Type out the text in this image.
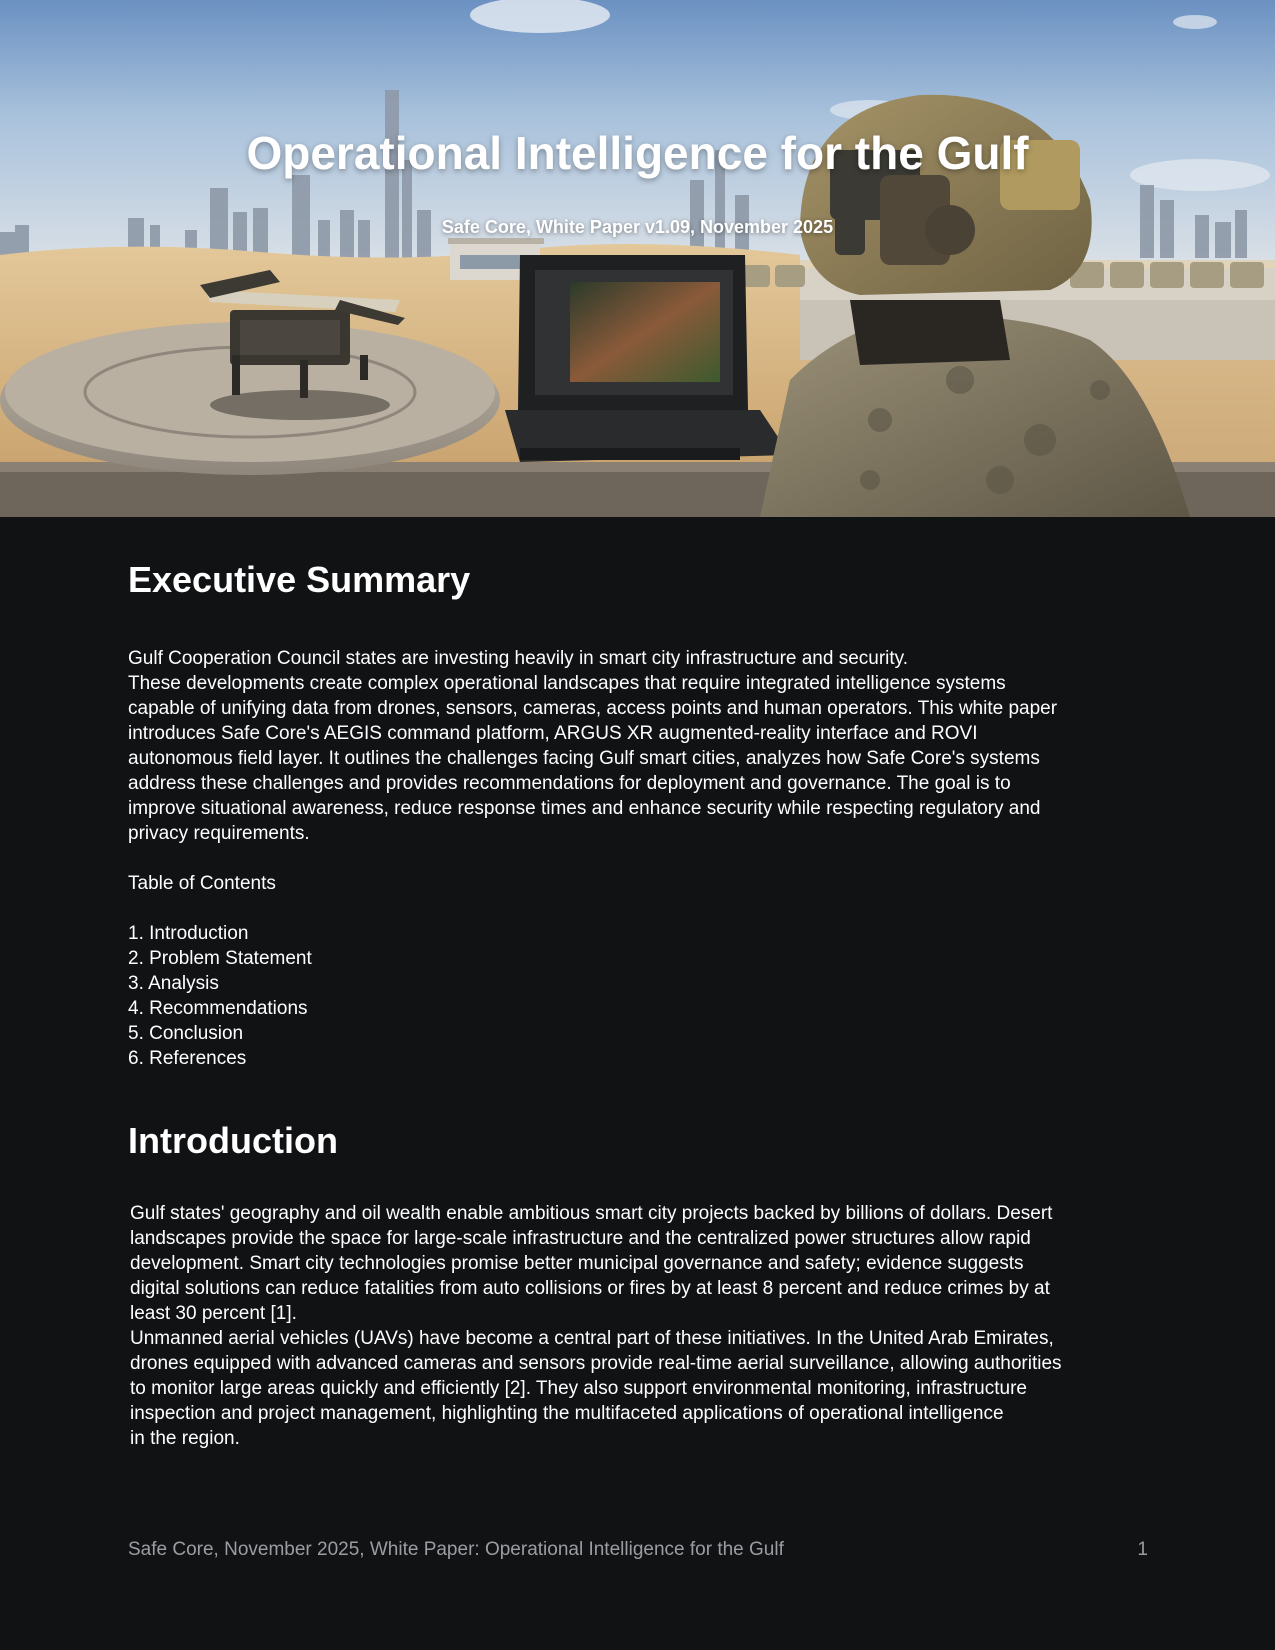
Operational Intelligence for the Gulf
Safe Core, White Paper v1.09, November 2025
Executive Summary

Gulf Cooperation Council states are investing heavily in smart city infrastructure and security.

These developments create complex operational landscapes that require integrated intelligence systems

capable of unifying data from drones, sensors, cameras, access points and human operators. This white paper

introduces Safe Core's AEGIS command platform, ARGUS XR augmented-reality interface and ROVI

autonomous field layer. It outlines the challenges facing Gulf smart cities, analyzes how Safe Core's systems

address these challenges and provides recommendations for deployment and governance. The goal is to

improve situational awareness, reduce response times and enhance security while respecting regulatory and

privacy requirements.

Table of Contents

1. Introduction
2. Problem Statement
3. Analysis
4. Recommendations
5. Conclusion
6. References
Introduction

Gulf states' geography and oil wealth enable ambitious smart city projects backed by billions of dollars. Desert

landscapes provide the space for large-scale infrastructure and the centralized power structures allow rapid

development. Smart city technologies promise better municipal governance and safety; evidence suggests

digital solutions can reduce fatalities from auto collisions or fires by at least 8 percent and reduce crimes by at

least 30 percent [1].

Unmanned aerial vehicles (UAVs) have become a central part of these initiatives. In the United Arab Emirates,

drones equipped with advanced cameras and sensors provide real-time aerial surveillance, allowing authorities

to monitor large areas quickly and efficiently [2]. They also support environmental monitoring, infrastructure

inspection and project management, highlighting the multifaceted applications of operational intelligence

in the region.

Safe Core, November 2025, White Paper: Operational Intelligence for the Gulf	1
